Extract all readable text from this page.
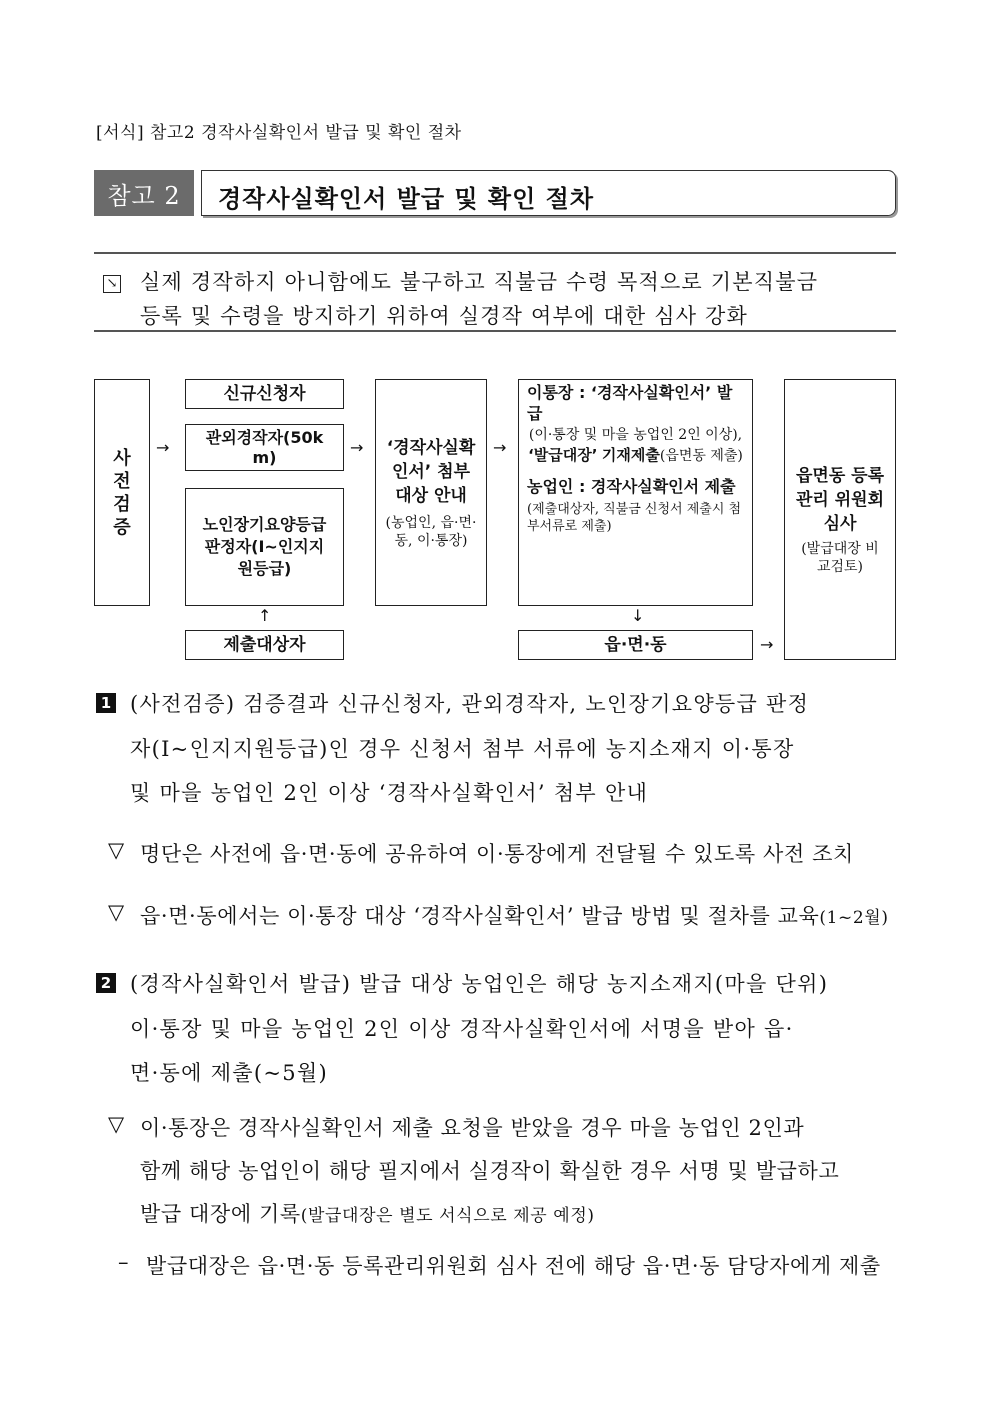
[서식] 참고2 경작사실확인서 발급 및 확인 절차
참고 2	경작사실확인서 발급 및 확인 절차
↘ 실제 경작하지 아니함에도 불구하고 직불금 수령 목적으로 기본직불금
등록 및 수령을 방지하기 위하여 실경작 여부에 대한 심사 강화
사
전
검
증
→
신규신청자
관외경작자(50km)
노인장기요양등급 판정자(Ⅰ~인지지원등급)
↑
제출대상자
→ ‘경작사실확인서’ 첨부 대상 안내
(농업인, 읍·면·동, 이·통장)
→
이통장 : ‘경작사실확인서’ 발급
(이·통장 및 마을 농업인 2인 이상), ‘발급대장’ 기재제출(읍면동 제출)
농업인 : 경작사실확인서 제출
(제출대상자, 직불금 신청서 제출시 첨부서류로 제출)
↓
읍·면·동	→
읍면동 등록관리 위원회 심사
(발급대장 비교검토)
1 (사전검증) 검증결과 신규신청자, 관외경작자, 노인장기요양등급 판정
자(Ⅰ~인지지원등급)인 경우 신청서 첨부 서류에 농지소재지 이·통장
및 마을 농업인 2인 이상 ‘경작사실확인서’ 첨부 안내
▽ 명단은 사전에 읍·면·동에 공유하여 이·통장에게 전달될 수 있도록 사전 조치
▽ 읍·면·동에서는 이·통장 대상 ‘경작사실확인서’ 발급 방법 및 절차를 교육(1~2월)
2 (경작사실확인서 발급) 발급 대상 농업인은 해당 농지소재지(마을 단위)
이·통장 및 마을 농업인 2인 이상 경작사실확인서에 서명을 받아 읍·
면·동에 제출(~5월)
▽ 이·통장은 경작사실확인서 제출 요청을 받았을 경우 마을 농업인 2인과
함께 해당 농업인이 해당 필지에서 실경작이 확실한 경우 서명 및 발급하고
발급 대장에 기록(발급대장은 별도 서식으로 제공 예정)
– 발급대장은 읍·면·동 등록관리위원회 심사 전에 해당 읍·면·동 담당자에게 제출
